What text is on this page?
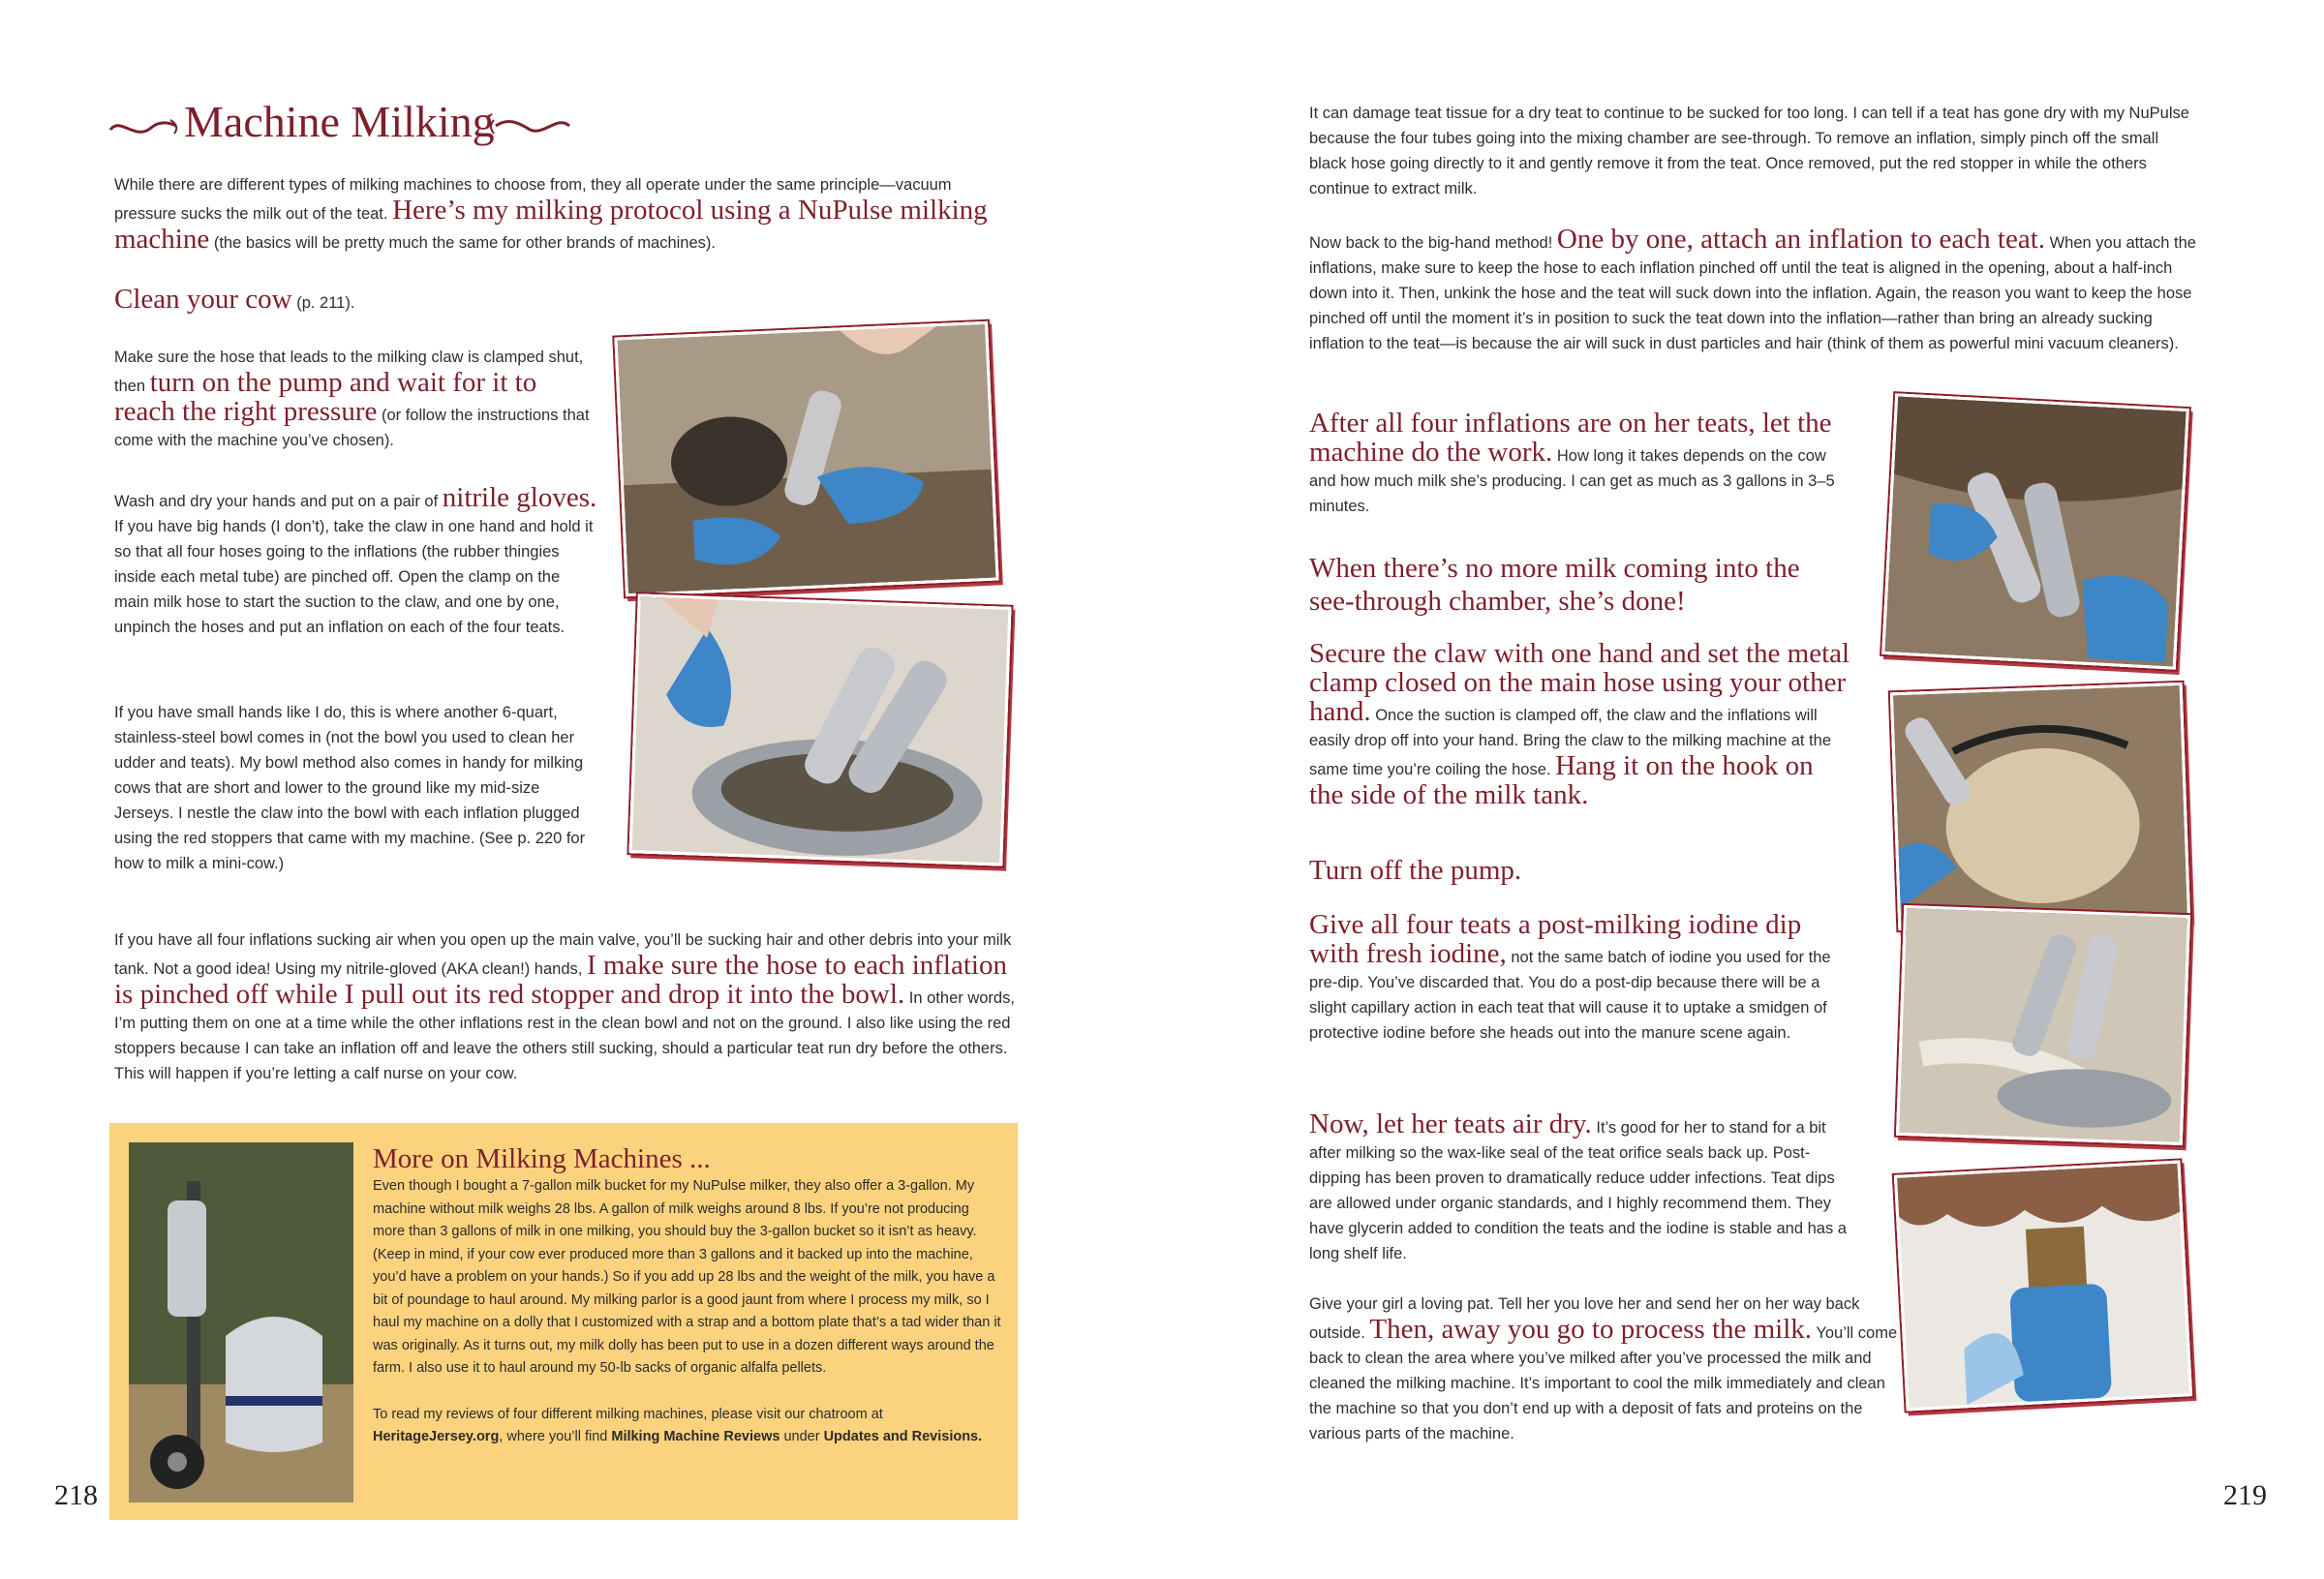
Machine Milking

While there are different types of milking machines to choose from, they all operate under the same principle—vacuum pressure sucks the milk out of the teat. Here’s my milking protocol using a NuPulse milking machine (the basics will be pretty much the same for other brands of machines).

Clean your cow (p. 211).

Make sure the hose that leads to the milking claw is clamped shut, then turn on the pump and wait for it to reach the right pressure (or follow the instructions that come with the machine you’ve chosen).

Wash and dry your hands and put on a pair of nitrile gloves. If you have big hands (I don’t), take the claw in one hand and hold it so that all four hoses going to the inflations (the rubber thingies inside each metal tube) are pinched off. Open the clamp on the main milk hose to start the suction to the claw, and one by one, unpinch the hoses and put an inflation on each of the four teats.

If you have small hands like I do, this is where another 6-quart, stainless-steel bowl comes in (not the bowl you used to clean her udder and teats). My bowl method also comes in handy for milking cows that are short and lower to the ground like my mid-size Jerseys. I nestle the claw into the bowl with each inflation plugged using the red stoppers that came with my machine. (See p. 220 for how to milk a mini-cow.)

If you have all four inflations sucking air when you open up the main valve, you’ll be sucking hair and other debris into your milk tank. Not a good idea! Using my nitrile-gloved (AKA clean!) hands, I make sure the hose to each inflation is pinched off while I pull out its red stopper and drop it into the bowl. In other words, I’m putting them on one at a time while the other inflations rest in the clean bowl and not on the ground. I also like using the red stoppers because I can take an inflation off and leave the others still sucking, should a particular teat run dry before the others. This will happen if you’re letting a calf nurse on your cow.

More on Milking Machines ...

Even though I bought a 7-gallon milk bucket for my NuPulse milker, they also offer a 3-gallon. My machine without milk weighs 28 lbs. A gallon of milk weighs around 8 lbs. If you’re not producing more than 3 gallons of milk in one milking, you should buy the 3-gallon bucket so it isn’t as heavy. (Keep in mind, if your cow ever produced more than 3 gallons and it backed up into the machine, you’d have a problem on your hands.) So if you add up 28 lbs and the weight of the milk, you have a bit of poundage to haul around. My milking parlor is a good jaunt from where I process my milk, so I haul my machine on a dolly that I customized with a strap and a bottom plate that’s a tad wider than it was originally. As it turns out, my milk dolly has been put to use in a dozen different ways around the farm. I also use it to haul around my 50-lb sacks of organic alfalfa pellets.

To read my reviews of four different milking machines, please visit our chatroom at HeritageJersey.org, where you’ll find Milking Machine Reviews under Updates and Revisions.

218

It can damage teat tissue for a dry teat to continue to be sucked for too long. I can tell if a teat has gone dry with my NuPulse because the four tubes going into the mixing chamber are see-through. To remove an inflation, simply pinch off the small black hose going directly to it and gently remove it from the teat. Once removed, put the red stopper in while the others continue to extract milk.

Now back to the big-hand method! One by one, attach an inflation to each teat. When you attach the inflations, make sure to keep the hose to each inflation pinched off until the teat is aligned in the opening, about a half-inch down into it. Then, unkink the hose and the teat will suck down into the inflation. Again, the reason you want to keep the hose pinched off until the moment it’s in position to suck the teat down into the inflation—rather than bring an already sucking inflation to the teat—is because the air will suck in dust particles and hair (think of them as powerful mini vacuum cleaners).

After all four inflations are on her teats, let the machine do the work. How long it takes depends on the cow and how much milk she’s producing. I can get as much as 3 gallons in 3–5 minutes.

When there’s no more milk coming into the see-through chamber, she’s done!

Secure the claw with one hand and set the metal clamp closed on the main hose using your other hand. Once the suction is clamped off, the claw and the inflations will easily drop off into your hand. Bring the claw to the milking machine at the same time you’re coiling the hose. Hang it on the hook on the side of the milk tank.

Turn off the pump.

Give all four teats a post-milking iodine dip with fresh iodine, not the same batch of iodine you used for the pre-dip. You’ve discarded that. You do a post-dip because there will be a slight capillary action in each teat that will cause it to uptake a smidgen of protective iodine before she heads out into the manure scene again.

Now, let her teats air dry. It’s good for her to stand for a bit after milking so the wax-like seal of the teat orifice seals back up. Post-dipping has been proven to dramatically reduce udder infections. Teat dips are allowed under organic standards, and I highly recommend them. They have glycerin added to condition the teats and the iodine is stable and has a long shelf life.

Give your girl a loving pat. Tell her you love her and send her on her way back outside. Then, away you go to process the milk. You’ll come back to clean the area where you’ve milked after you’ve processed the milk and cleaned the milking machine. It’s important to cool the milk immediately and clean the machine so that you don’t end up with a deposit of fats and proteins on the various parts of the machine.

219
